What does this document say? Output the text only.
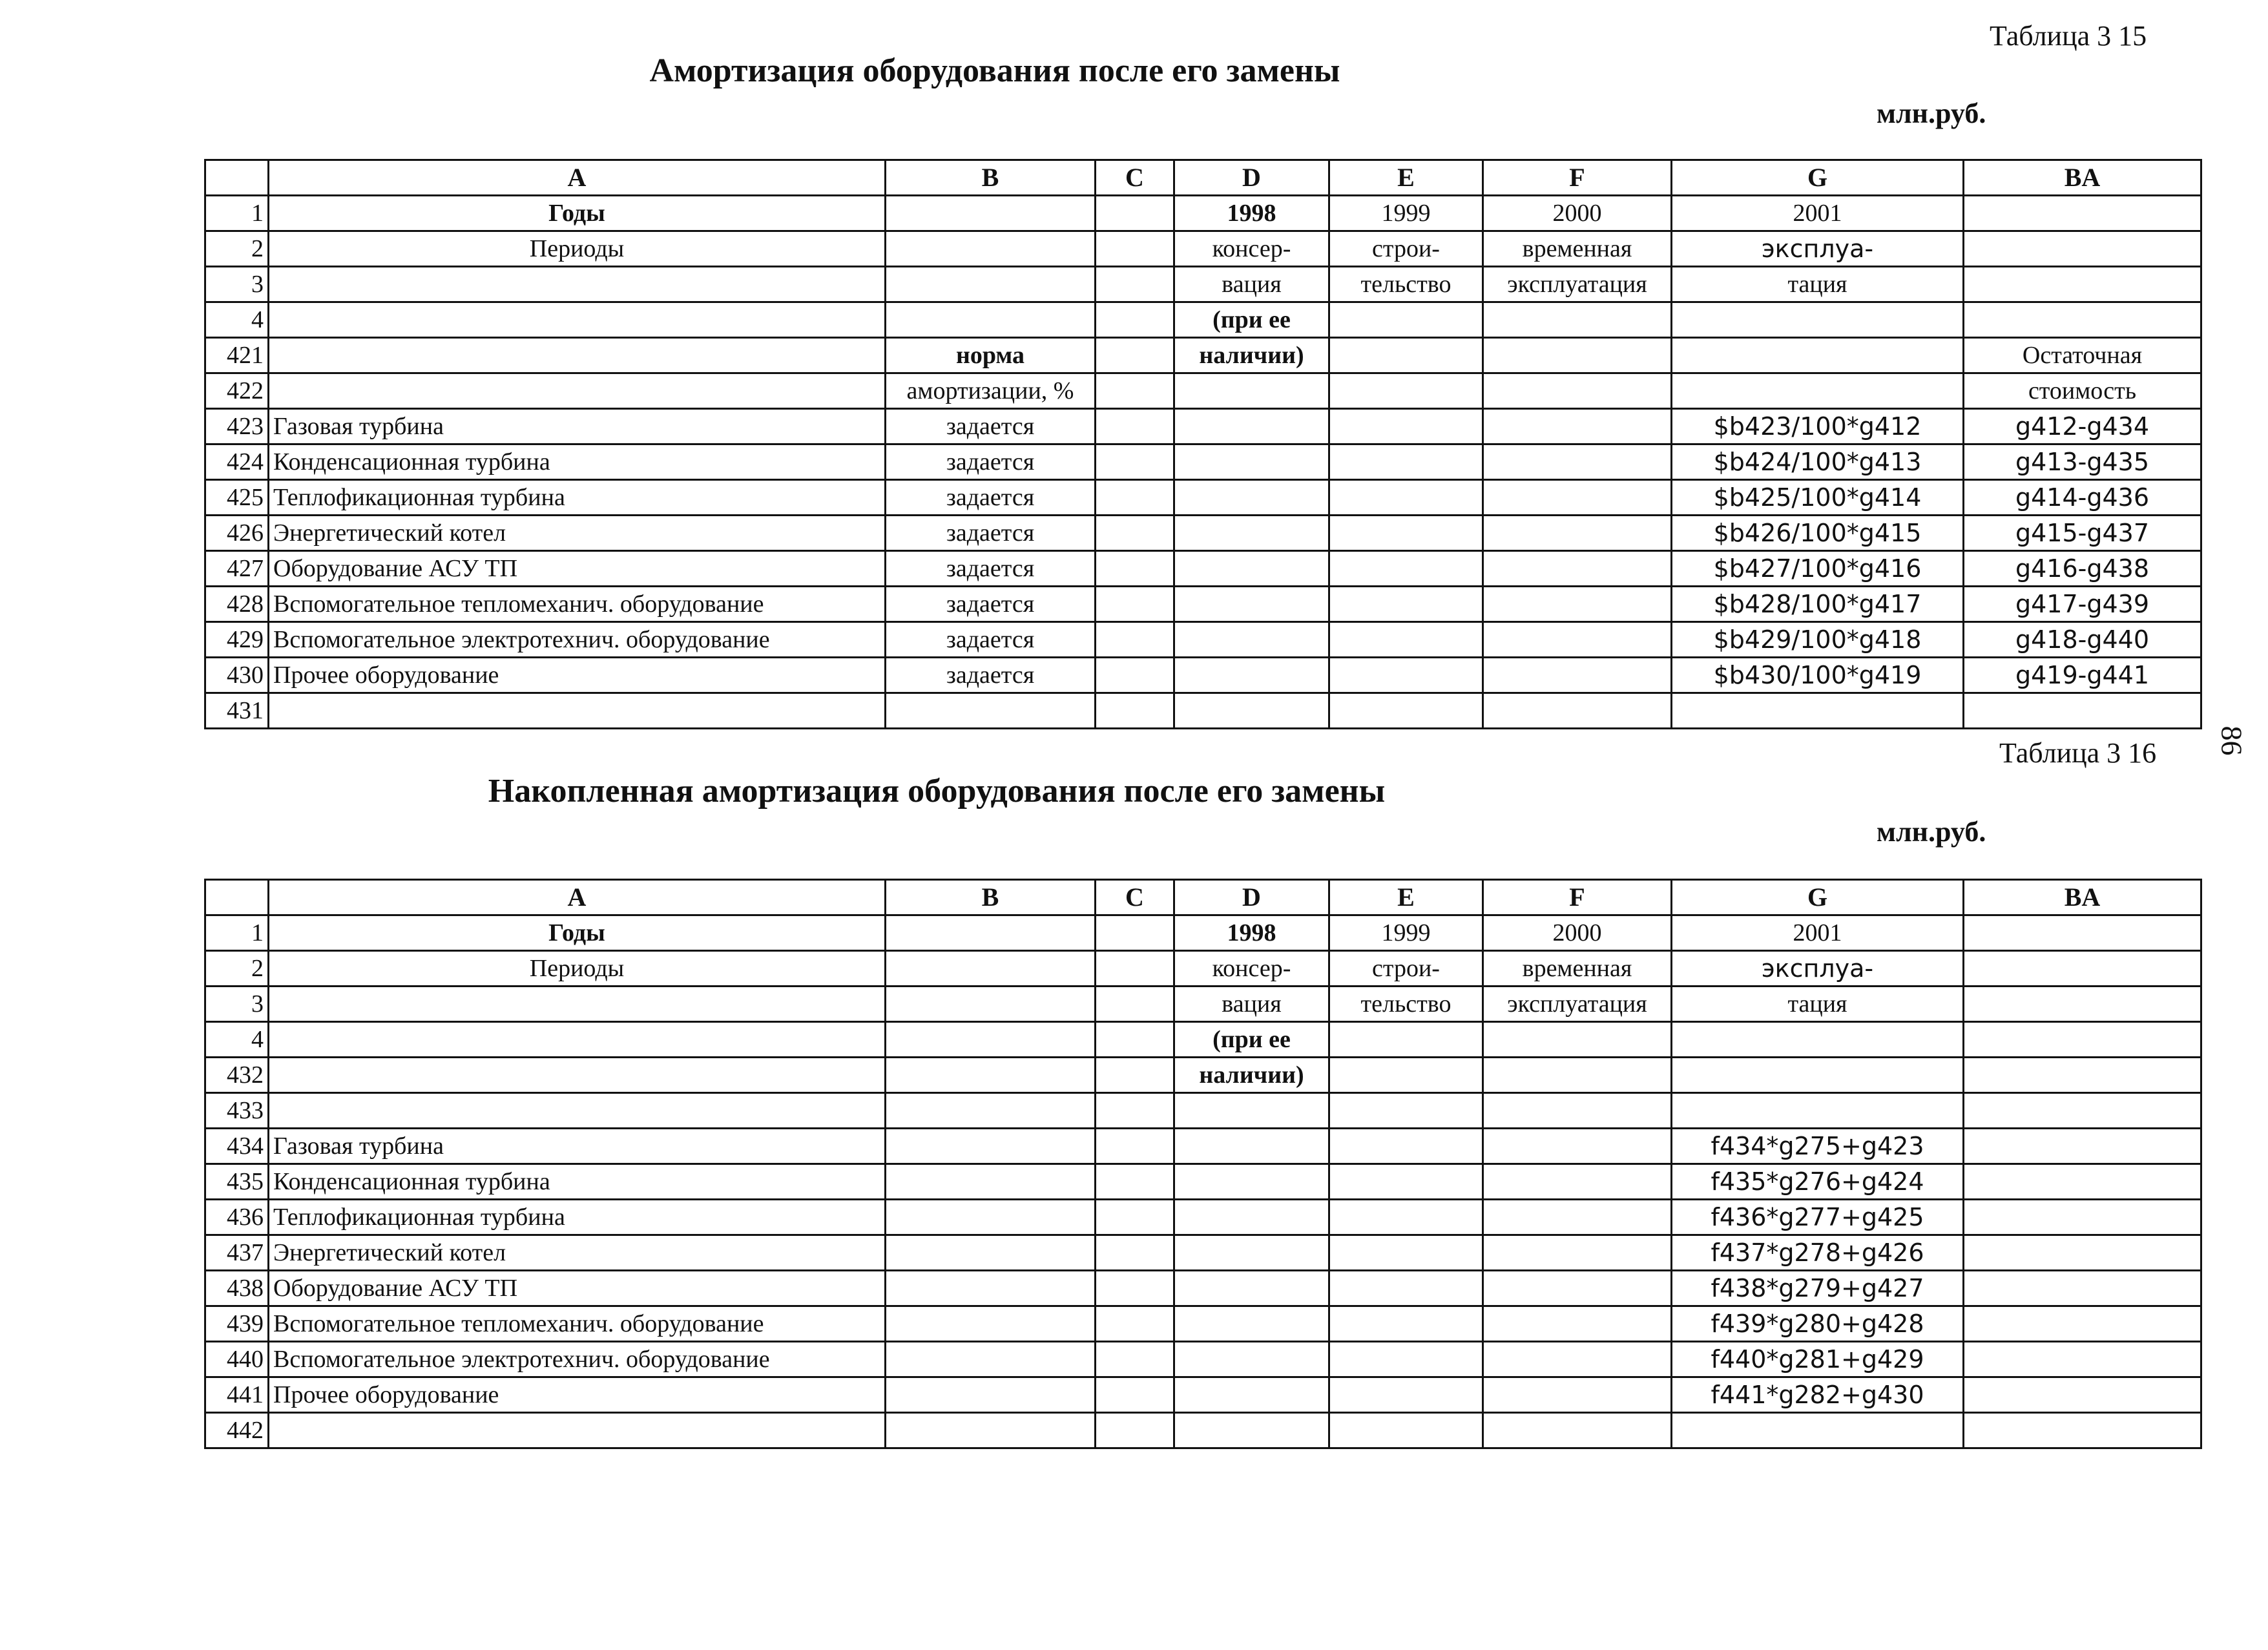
86
Таблица 3 15
Амортизация оборудования после его замены
млн.руб.
	A	B	C	D	E	F	G	BA
1	Годы			1998	1999	2000	2001	
2	Периоды			консер-	строи-	временная	эксплуа-	
3				вация	тельство	эксплуатация	тация	
4				(при ее				
421		норма		наличии)				Остаточная
422		амортизации, %						стоимость
423	Газовая турбина	задается					$b423/100*g412	g412-g434
424	Конденсационная турбина	задается					$b424/100*g413	g413-g435
425	Теплофикационная турбина	задается					$b425/100*g414	g414-g436
426	Энергетический котел	задается					$b426/100*g415	g415-g437
427	Оборудование АСУ ТП	задается					$b427/100*g416	g416-g438
428	Вспомогательное тепломеханич. оборудование	задается					$b428/100*g417	g417-g439
429	Вспомогательное электротехнич. оборудование	задается					$b429/100*g418	g418-g440
430	Прочее оборудование	задается					$b430/100*g419	g419-g441
431								
Таблица 3 16
Накопленная амортизация оборудования после его замены
млн.руб.
	A	B	C	D	E	F	G	BA
1	Годы			1998	1999	2000	2001	
2	Периоды			консер-	строи-	временная	эксплуа-	
3				вация	тельство	эксплуатация	тация	
4				(при ее				
432				наличии)				
433								
434	Газовая турбина						f434*g275+g423	
435	Конденсационная турбина						f435*g276+g424	
436	Теплофикационная турбина						f436*g277+g425	
437	Энергетический котел						f437*g278+g426	
438	Оборудование АСУ ТП						f438*g279+g427	
439	Вспомогательное тепломеханич. оборудование						f439*g280+g428	
440	Вспомогательное электротехнич. оборудование						f440*g281+g429	
441	Прочее оборудование						f441*g282+g430	
442								
